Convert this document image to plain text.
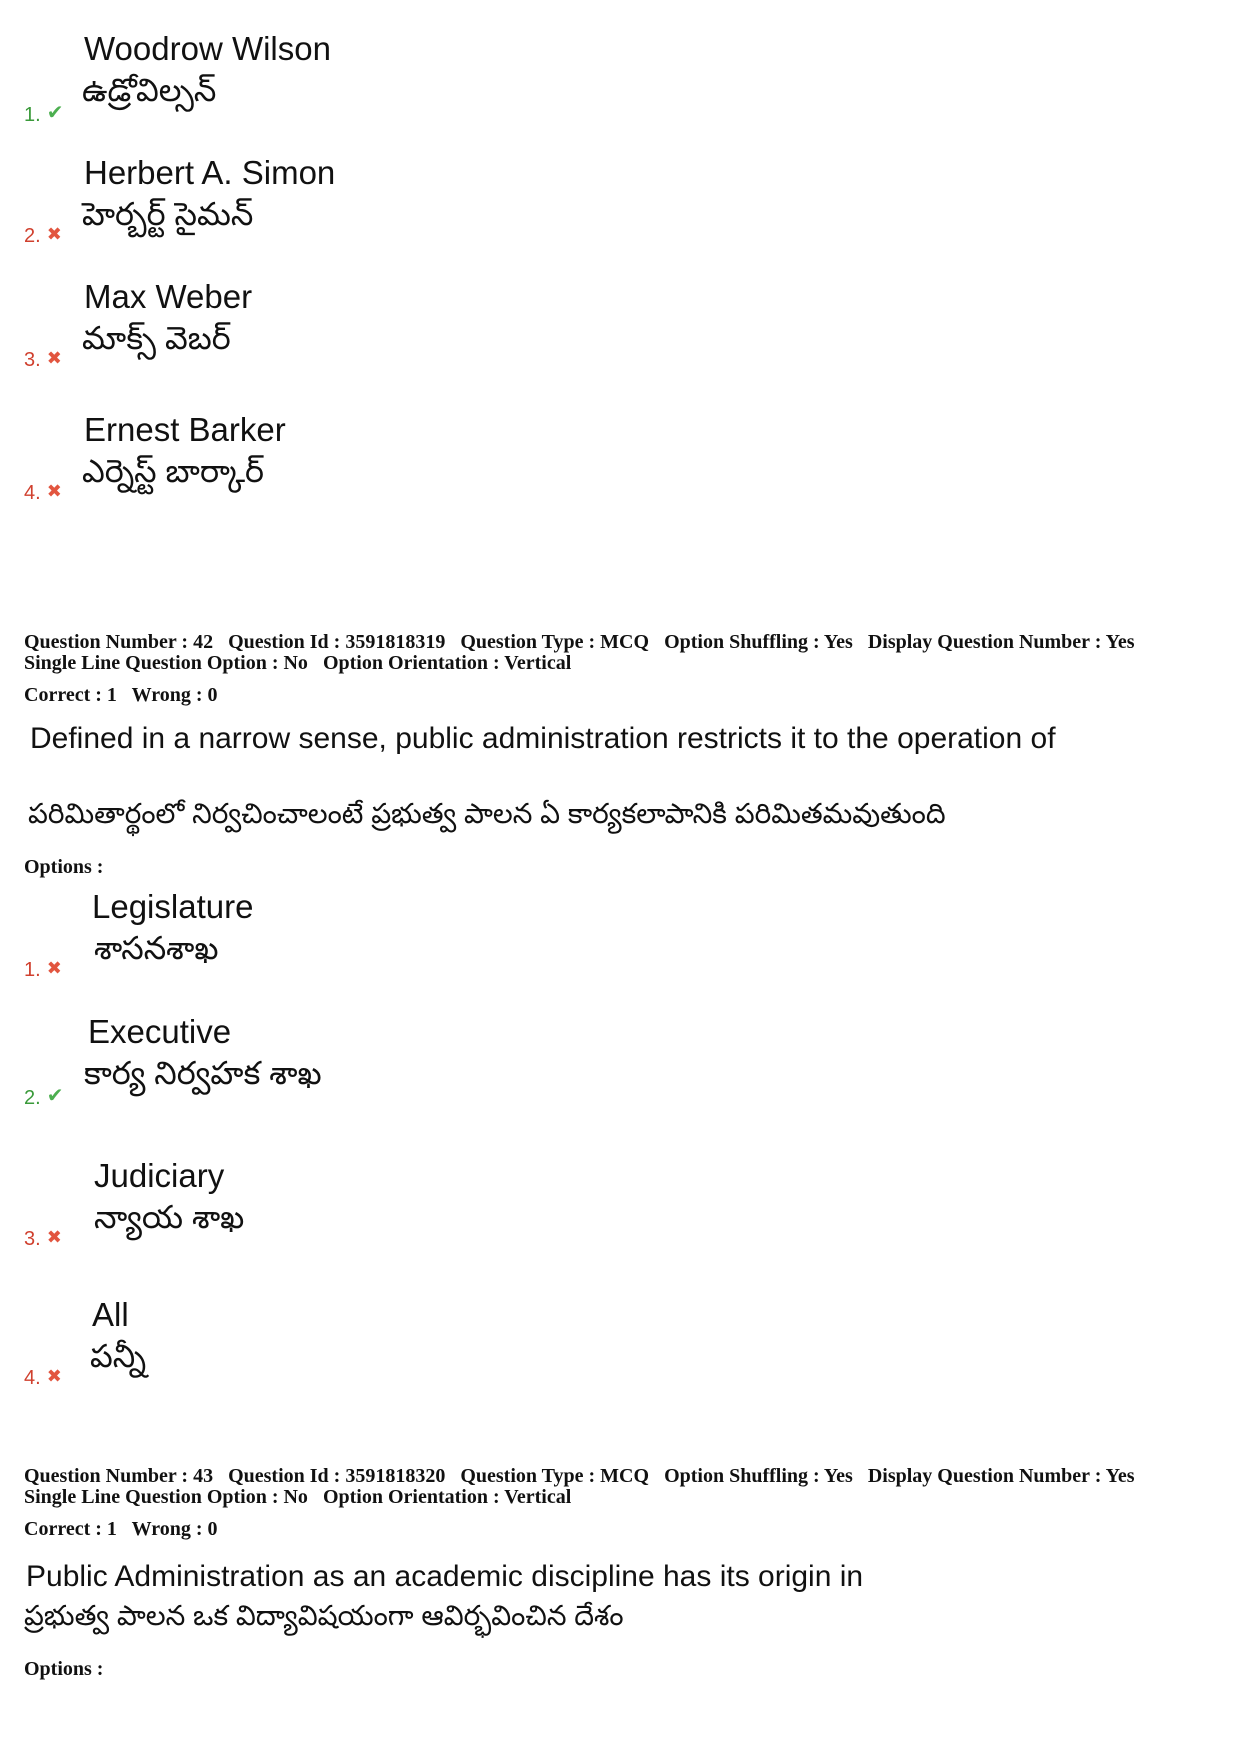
Woodrow Wilson
ఉడ్రోవిల్సన్
1. ✔
Herbert A. Simon
హెర్బర్ట్ సైమన్
2. ✖
Max Weber
మాక్స్ వెబర్
3. ✖
Ernest Barker
ఎర్నెస్ట్ బార్కార్
4. ✖
Question Number : 42 Question Id : 3591818319 Question Type : MCQ Option Shuffling : Yes Display Question Number : Yes
Single Line Question Option : No Option Orientation : Vertical
Correct : 1 Wrong : 0
Defined in a narrow sense, public administration restricts it to the operation of
పరిమితార్థంలో నిర్వచించాలంటే ప్రభుత్వ పాలన ఏ కార్యకలాపానికి పరిమితమవుతుంది
Options :
Legislature
శాసనశాఖ
1. ✖
Executive
కార్య నిర్వహక శాఖ
2. ✔
Judiciary
న్యాయ శాఖ
3. ✖
All
పన్నీ
4. ✖
Question Number : 43 Question Id : 3591818320 Question Type : MCQ Option Shuffling : Yes Display Question Number : Yes
Single Line Question Option : No Option Orientation : Vertical
Correct : 1 Wrong : 0
Public Administration as an academic discipline has its origin in
ప్రభుత్వ పాలన ఒక విద్యావిషయంగా ఆవిర్భవించిన దేశం
Options :
